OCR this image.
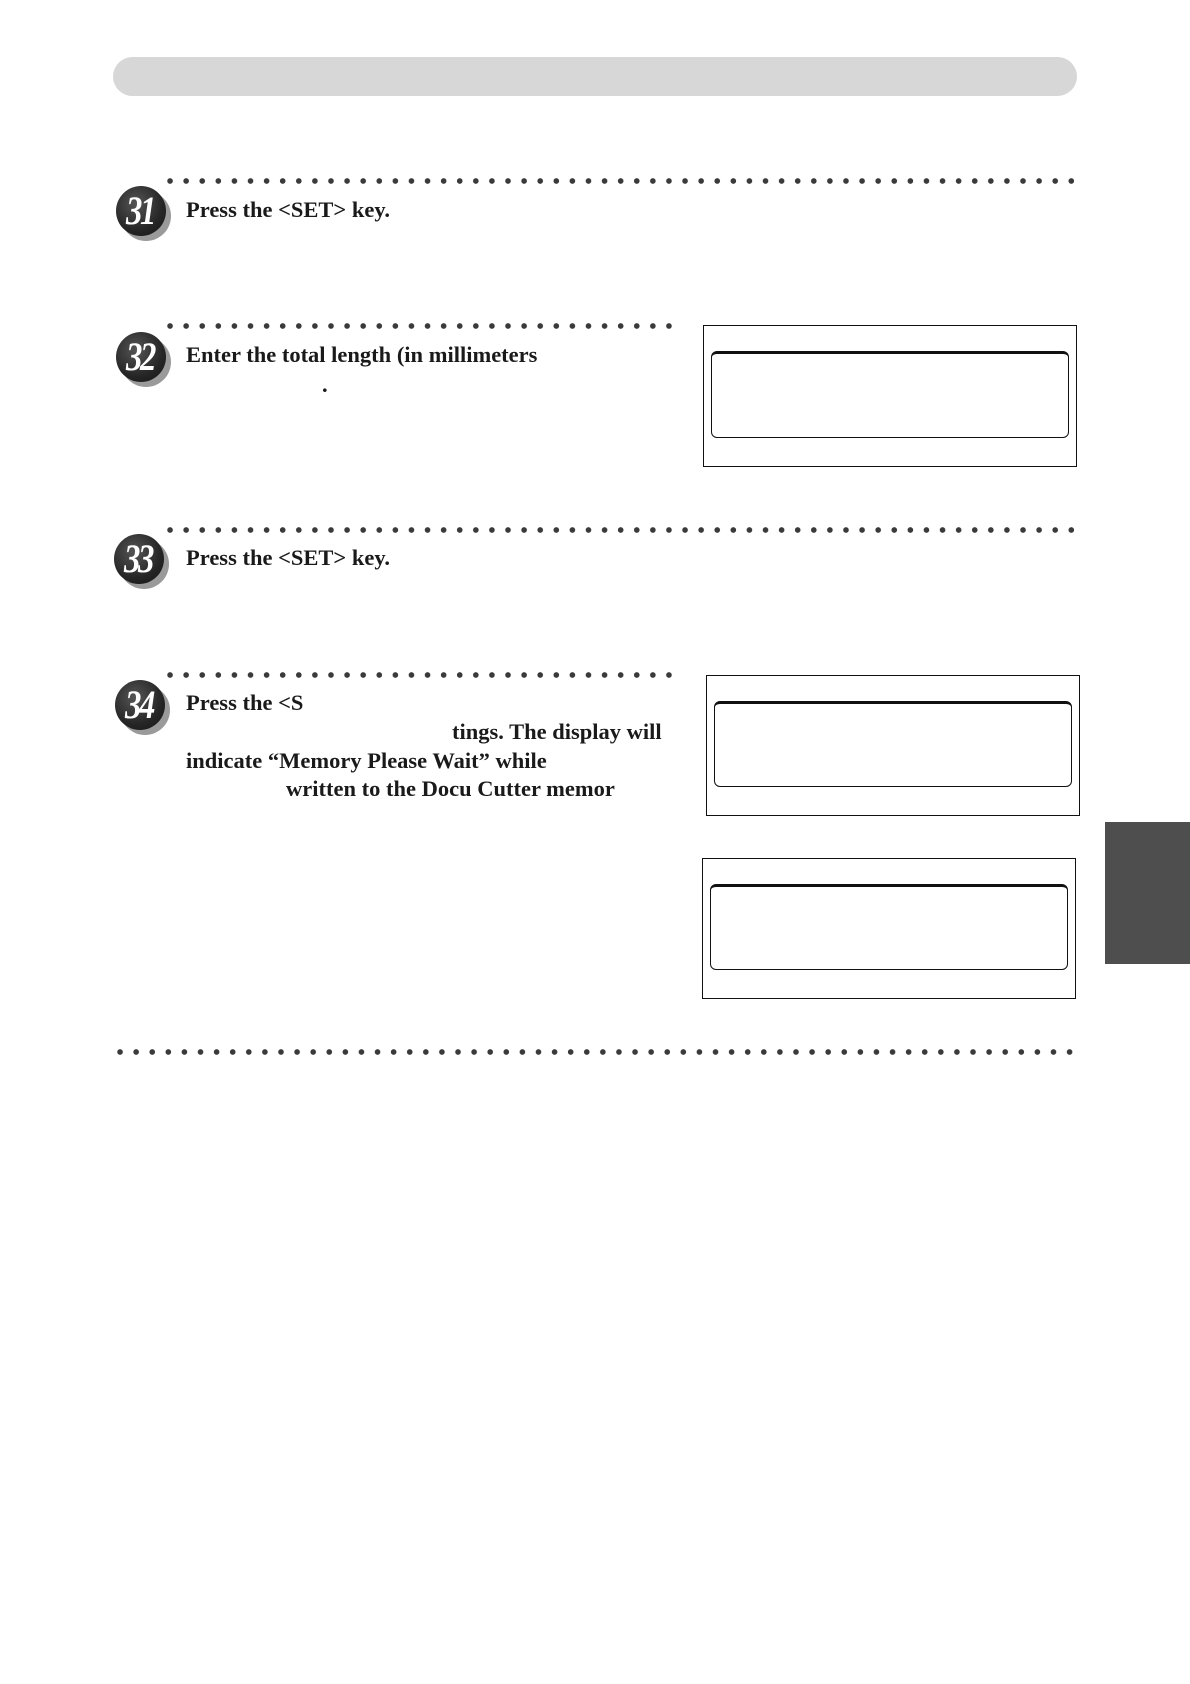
31 Press the <SET> key.
32 Enter the total length (in millimeters
.
33 Press the <SET> key.
34 Press the <S
tings. The display will
indicate “Memory Please Wait” while
written to the Docu Cutter memor
